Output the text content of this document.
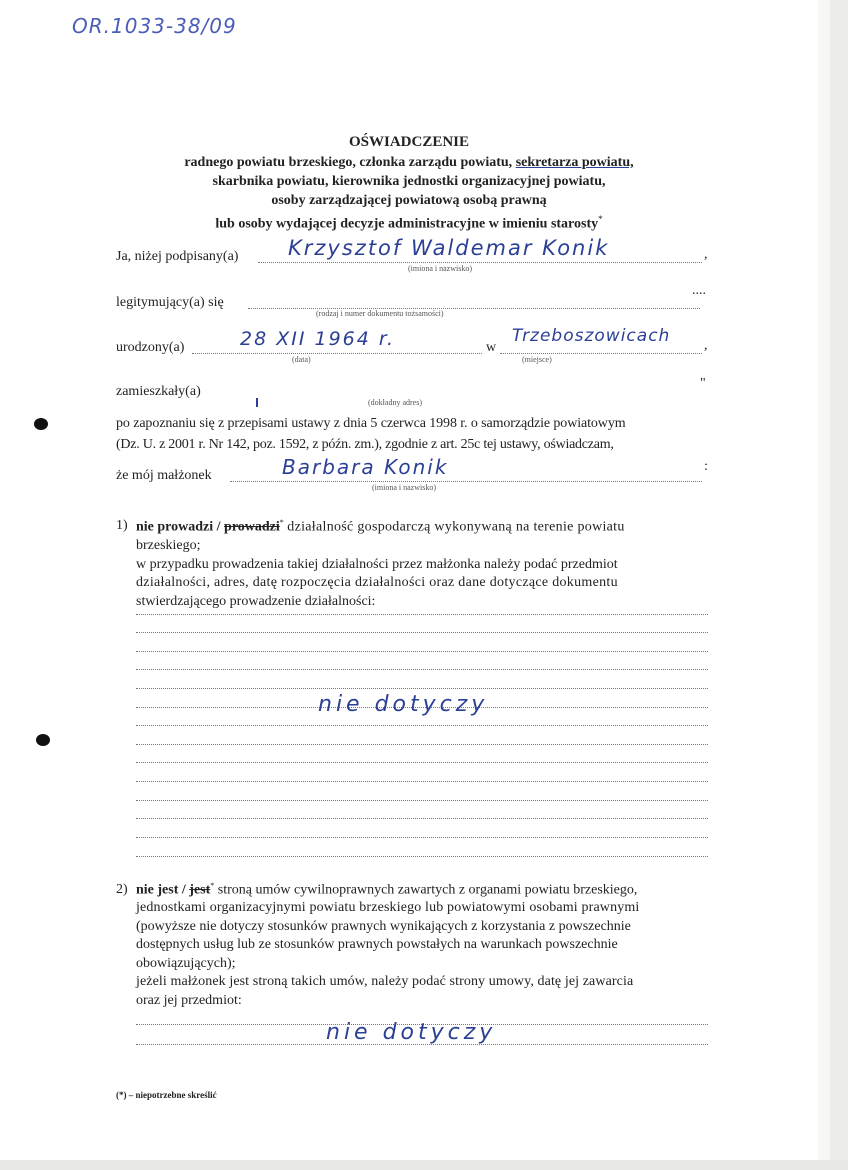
OR.1033-38/09
OŚWIADCZENIE
radnego powiatu brzeskiego, członka zarządu powiatu, sekretarza powiatu,
skarbnika powiatu, kierownika jednostki organizacyjnej powiatu,
osoby zarządzającej powiatową osobą prawną
lub osoby wydającej decyzje administracyjne w imieniu starosty*
Ja, niżej podpisany(a)	,
Krzysztof Waldemar Konik
(imiona i nazwisko)
legitymujący(a) się
....
(rodzaj i numer dokumentu tożsamości)
urodzony(a)	28 XII 1964 r.
(data)
w
Trzeboszowicach ,
(miejsce)
zamieszkały(a)
"
(dokładny adres)
po zapoznaniu się z przepisami ustawy z dnia 5 czerwca 1998 r. o samorządzie powiatowym
(Dz. U. z 2001 r. Nr 142, poz. 1592, z późn. zm.), zgodnie z art. 25c tej ustawy, oświadczam,
że mój małżonek
:
Barbara Konik
(imiona i nazwisko)
1) nie prowadzi / prowadzi* działalność gospodarczą wykonywaną na terenie powiatu
brzeskiego;
w przypadku prowadzenia takiej działalności przez małżonka należy podać przedmiot
działalności, adres, datę rozpoczęcia działalności oraz dane dotyczące dokumentu
stwierdzającego prowadzenie działalności:
nie dotyczy
2) nie jest / jest* stroną umów cywilnoprawnych zawartych z organami powiatu brzeskiego,
jednostkami organizacyjnymi powiatu brzeskiego lub powiatowymi osobami prawnymi
(powyższe nie dotyczy stosunków prawnych wynikających z korzystania z powszechnie
dostępnych usług lub ze stosunków prawnych powstałych na warunkach powszechnie
obowiązujących);
jeżeli małżonek jest stroną takich umów, należy podać strony umowy, datę jej zawarcia
oraz jej przedmiot:
nie dotyczy
(*) – niepotrzebne skreślić
